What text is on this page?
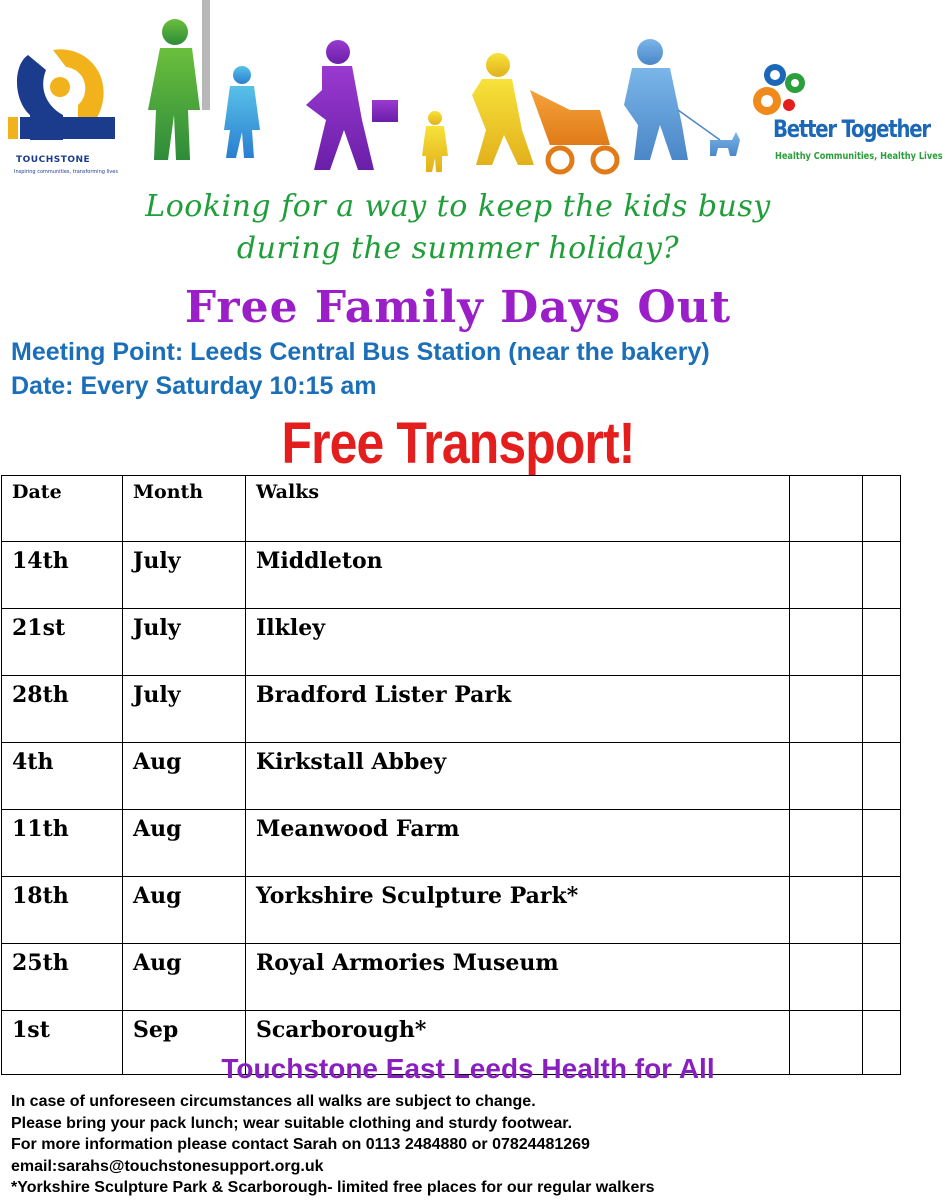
TOUCHSTONE
Inspiring communities, transforming lives
Better Together
Healthy Communities, Healthy Lives
Looking for a way to keep the kids busy
during the summer holiday?
Free Family Days Out
Meeting Point: Leeds Central Bus Station (near the bakery)
Date: Every Saturday 10:15 am
Free Transport!
Date	Month	Walks		
14th	July	Middleton		
21st	July	Ilkley		
28th	July	Bradford Lister Park		
4th	Aug	Kirkstall Abbey		
11th	Aug	Meanwood Farm		
18th	Aug	Yorkshire Sculpture Park*		
25th	Aug	Royal Armories Museum		
1st	Sep	Scarborough*		
Touchstone East Leeds Health for All
In case of unforeseen circumstances all walks are subject to change.
Please bring your pack lunch; wear suitable clothing and sturdy footwear.
For more information please contact Sarah on 0113 2484880 or 07824481269
email:sarahs@touchstonesupport.org.uk
*Yorkshire Sculpture Park & Scarborough- limited free places for our regular walkers
